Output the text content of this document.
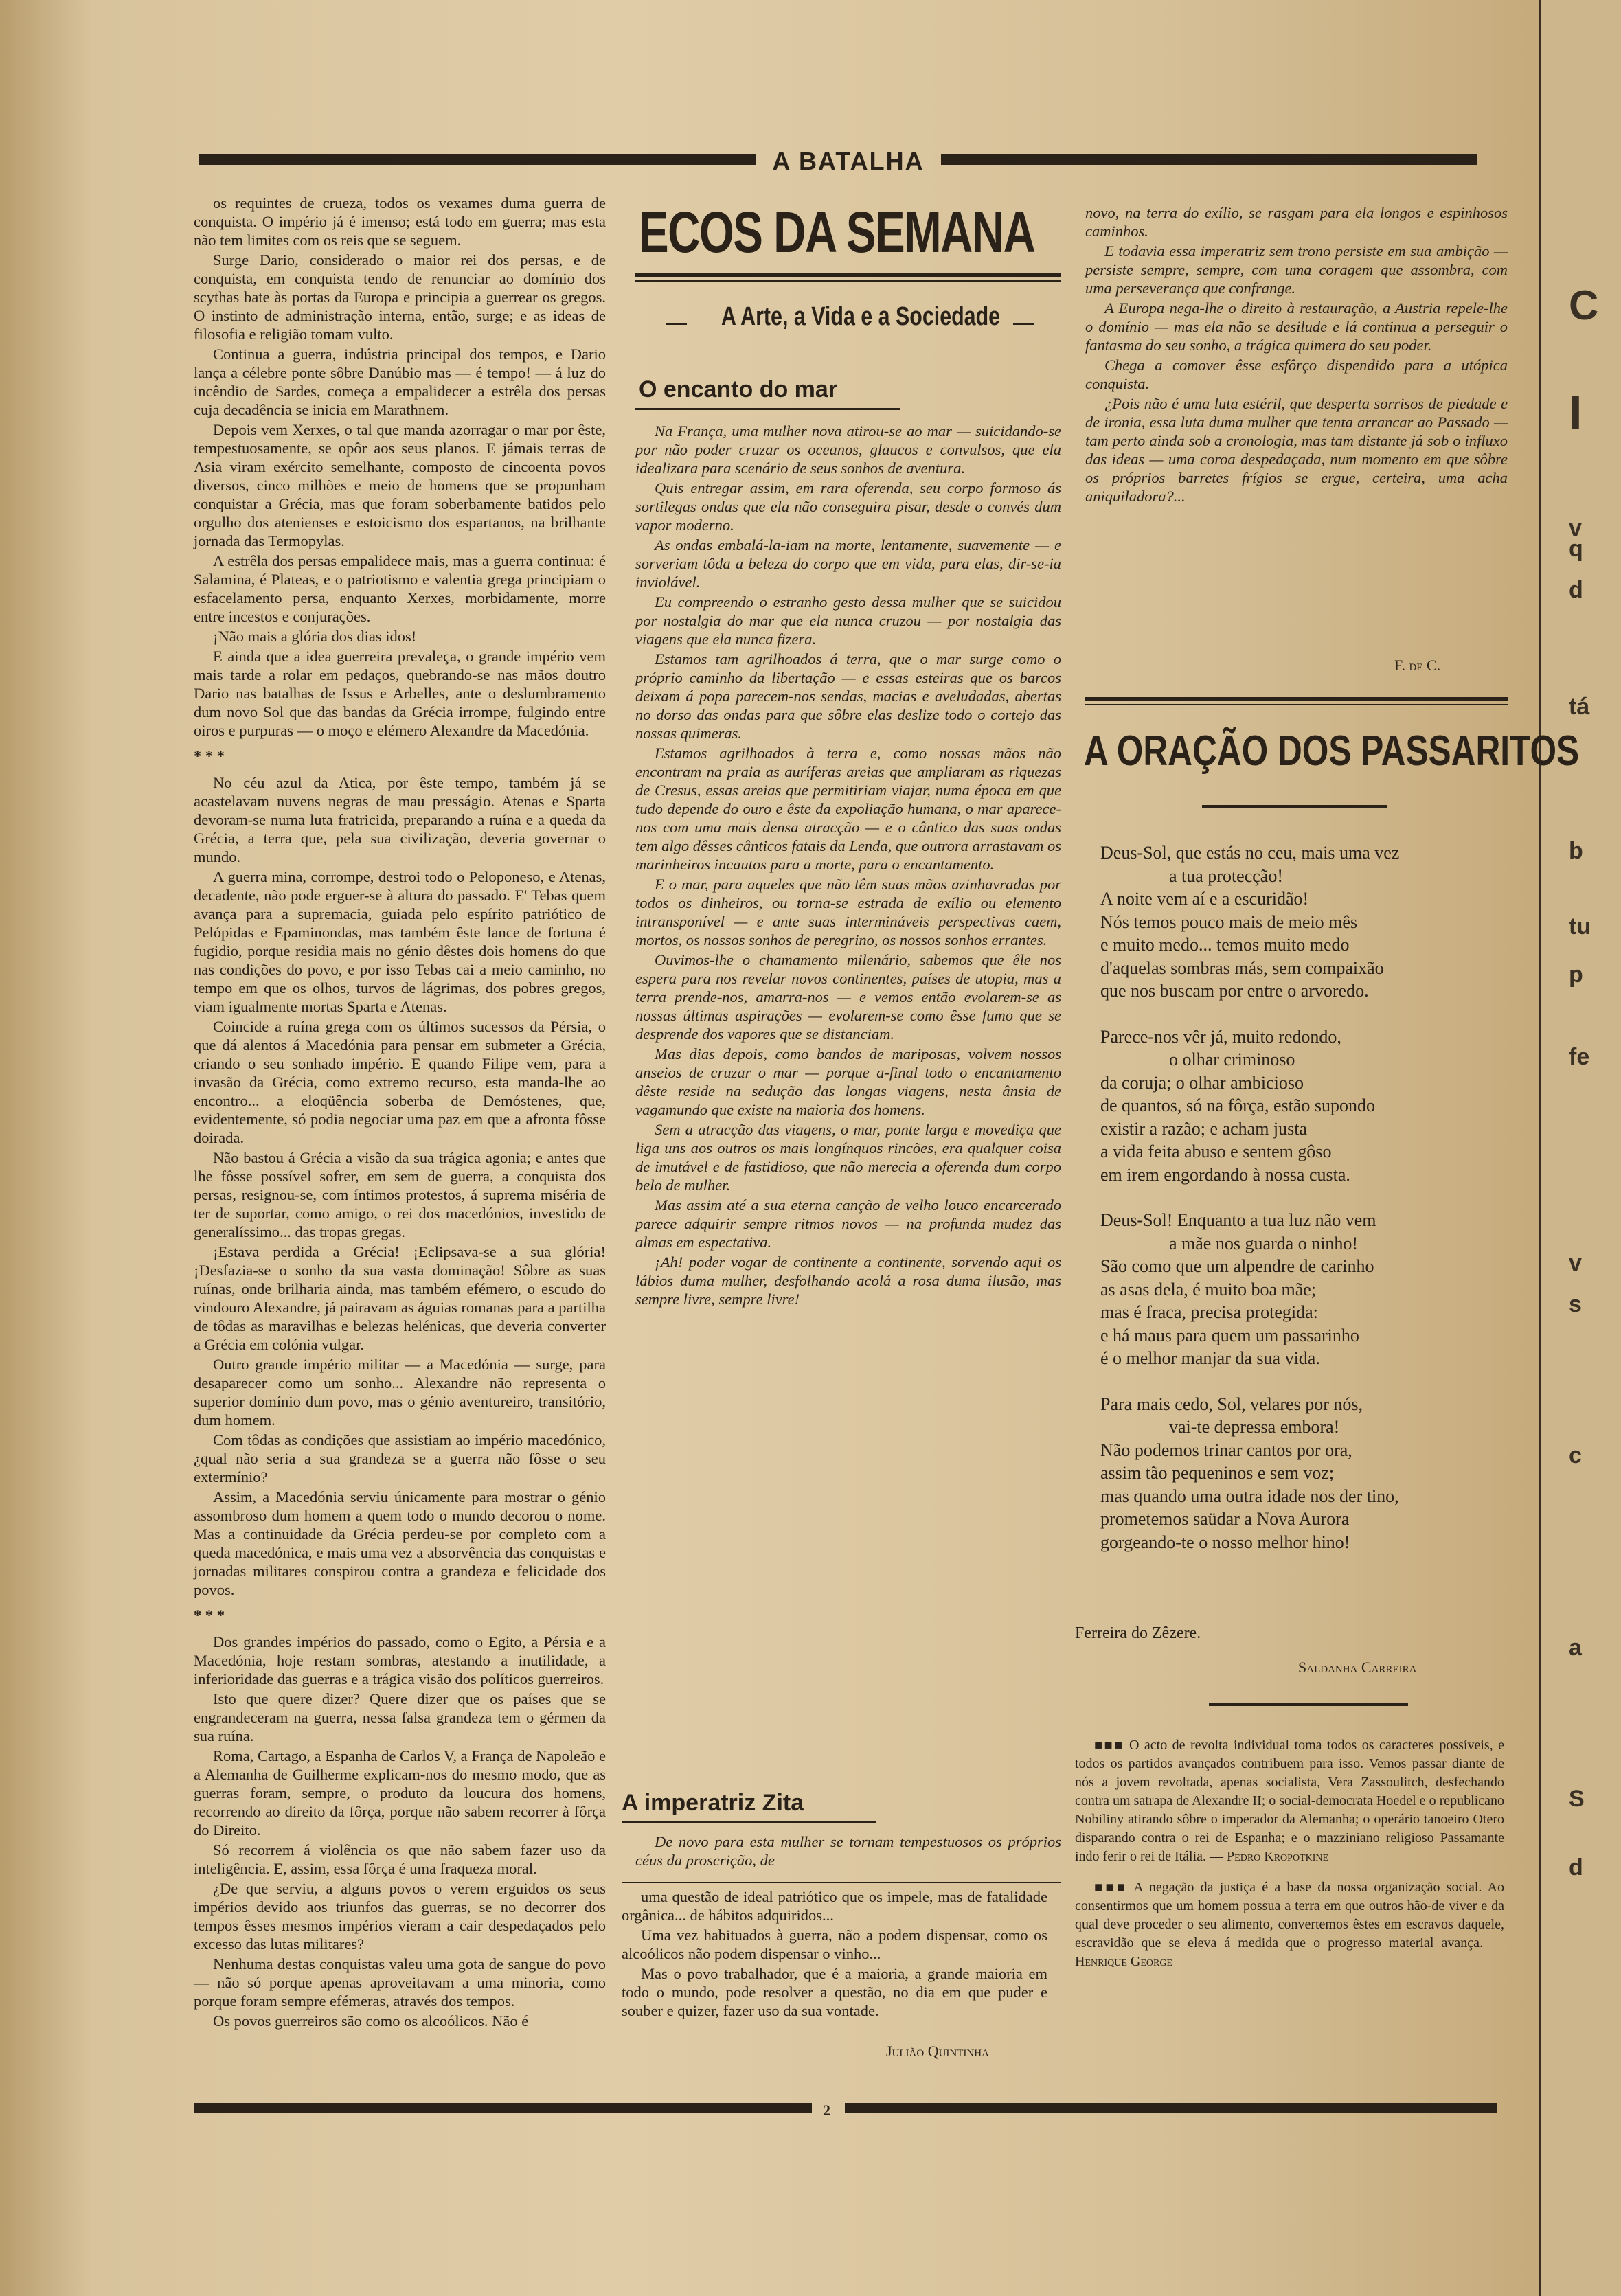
C
I
v
q
d
tá
b
tu
p
fe
v
s
c
a
S
d
A BATALHA

os requintes de crueza, todos os vexames duma guerra de conquista. O império já é imenso; está todo em guerra; mas esta não tem limites com os reis que se seguem.

Surge Dario, considerado o maior rei dos persas, e de conquista, em conquista tendo de renunciar ao domínio dos scythas bate às portas da Europa e principia a guerrear os gregos. O instinto de administração interna, então, surge; e as ideas de filosofia e religião tomam vulto.

Continua a guerra, indústria principal dos tempos, e Dario lança a célebre ponte sôbre Danúbio mas — é tempo! — á luz do incêndio de Sardes, começa a empalidecer a estrêla dos persas cuja decadência se inicia em Marathnem.

Depois vem Xerxes, o tal que manda azorragar o mar por êste, tempestuosamente, se opôr aos seus planos. E jámais terras de Asia viram exército semelhante, composto de cincoenta povos diversos, cinco milhões e meio de homens que se propunham conquistar a Grécia, mas que foram soberbamente batidos pelo orgulho dos atenienses e estoicismo dos espartanos, na brilhante jornada das Termopylas.

A estrêla dos persas empalidece mais, mas a guerra continua: é Salamina, é Plateas, e o patriotismo e valentia grega principiam o esfacelamento persa, enquanto Xerxes, morbidamente, morre entre incestos e conjurações.

¡Não mais a glória dos dias idos!

E ainda que a idea guerreira prevaleça, o grande império vem mais tarde a rolar em pedaços, quebrando-se nas mãos doutro Dario nas batalhas de Issus e Arbelles, ante o deslumbramento dum novo Sol que das bandas da Grécia irrompe, fulgindo entre oiros e purpuras — o moço e elémero Alexandre da Macedónia.

* * *

No céu azul da Atica, por êste tempo, também já se acastelavam nuvens negras de mau presságio. Atenas e Sparta devoram-se numa luta fratricida, preparando a ruína e a queda da Grécia, a terra que, pela sua civilização, deveria governar o mundo.

A guerra mina, corrompe, destroi todo o Peloponeso, e Atenas, decadente, não pode erguer-se à altura do passado. E' Tebas quem avança para a supremacia, guiada pelo espírito patriótico de Pelópidas e Epaminondas, mas também êste lance de fortuna é fugidio, porque residia mais no génio dêstes dois homens do que nas condições do povo, e por isso Tebas cai a meio caminho, no tempo em que os olhos, turvos de lágrimas, dos pobres gregos, viam igualmente mortas Sparta e Atenas.

Coincide a ruína grega com os últimos sucessos da Pérsia, o que dá alentos á Macedónia para pensar em submeter a Grécia, criando o seu sonhado império. E quando Filipe vem, para a invasão da Grécia, como extremo recurso, esta manda-lhe ao encontro... a eloqüência soberba de Demóstenes, que, evidentemente, só podia negociar uma paz em que a afronta fôsse doirada.

Não bastou á Grécia a visão da sua trágica agonia; e antes que lhe fôsse possível sofrer, em sem de guerra, a conquista dos persas, resignou-se, com íntimos protestos, á suprema miséria de ter de suportar, como amigo, o rei dos macedónios, investido de generalíssimo... das tropas gregas.

¡Estava perdida a Grécia! ¡Eclipsava-se a sua glória! ¡Desfazia-se o sonho da sua vasta dominação! Sôbre as suas ruínas, onde brilharia ainda, mas também efémero, o escudo do vindouro Alexandre, já pairavam as águias romanas para a partilha de tôdas as maravilhas e belezas helénicas, que deveria converter a Grécia em colónia vulgar.

Outro grande império militar — a Macedónia — surge, para desaparecer como um sonho... Alexandre não representa o superior domínio dum povo, mas o génio aventureiro, transitório, dum homem.

Com tôdas as condições que assistiam ao império macedónico, ¿qual não seria a sua grandeza se a guerra não fôsse o seu extermínio?

Assim, a Macedónia serviu únicamente para mostrar o génio assombroso dum homem a quem todo o mundo decorou o nome. Mas a continuidade da Grécia perdeu-se por completo com a queda macedónica, e mais uma vez a absorvência das conquistas e jornadas militares conspirou contra a grandeza e felicidade dos povos.

* * *

Dos grandes impérios do passado, como o Egito, a Pérsia e a Macedónia, hoje restam sombras, atestando a inutilidade, a inferioridade das guerras e a trágica visão dos políticos guerreiros.

Isto que quere dizer? Quere dizer que os países que se engrandeceram na guerra, nessa falsa grandeza tem o gérmen da sua ruína.

Roma, Cartago, a Espanha de Carlos V, a França de Napoleão e a Alemanha de Guilherme explicam-nos do mesmo modo, que as guerras foram, sempre, o produto da loucura dos homens, recorrendo ao direito da fôrça, porque não sabem recorrer à fôrça do Direito.

Só recorrem á violência os que não sabem fazer uso da inteligência. E, assim, essa fôrça é uma fraqueza moral.

¿De que serviu, a alguns povos o verem erguidos os seus impérios devido aos triunfos das guerras, se no decorrer dos tempos êsses mesmos impérios vieram a cair despedaçados pelo excesso das lutas militares?

Nenhuma destas conquistas valeu uma gota de sangue do povo — não só porque apenas aproveitavam a uma minoria, como porque foram sempre efémeras, através dos tempos.

Os povos guerreiros são como os alcoólicos. Não é

ECOS DA SEMANA
A Arte, a Vida e a Sociedade
O encanto do mar

Na França, uma mulher nova atirou-se ao mar — suicidando-se por não poder cruzar os oceanos, glaucos e convulsos, que ela idealizara para scenário de seus sonhos de aventura.

Quis entregar assim, em rara oferenda, seu corpo formoso ás sortilegas ondas que ela não conseguira pisar, desde o convés dum vapor moderno.

As ondas embalá-la-iam na morte, lentamente, suavemente — e sorveriam tôda a beleza do corpo que em vida, para elas, dir-se-ia inviolável.

Eu compreendo o estranho gesto dessa mulher que se suicidou por nostalgia do mar que ela nunca cruzou — por nostalgia das viagens que ela nunca fizera.

Estamos tam agrilhoados á terra, que o mar surge como o próprio caminho da libertação — e essas esteiras que os barcos deixam á popa parecem-nos sendas, macias e aveludadas, abertas no dorso das ondas para que sôbre elas deslize todo o cortejo das nossas quimeras.

Estamos agrilhoados à terra e, como nossas mãos não encontram na praia as auríferas areias que ampliaram as riquezas de Cresus, essas areias que permitiriam viajar, numa época em que tudo depende do ouro e êste da expoliação humana, o mar aparece-nos com uma mais densa atracção — e o cântico das suas ondas tem algo dêsses cânticos fatais da Lenda, que outrora arrastavam os marinheiros incautos para a morte, para o encantamento.

E o mar, para aqueles que não têm suas mãos azinhavradas por todos os dinheiros, ou torna-se estrada de exílio ou elemento intransponível — e ante suas intermináveis perspectivas caem, mortos, os nossos sonhos de peregrino, os nossos sonhos errantes.

Ouvimos-lhe o chamamento milenário, sabemos que êle nos espera para nos revelar novos continentes, países de utopia, mas a terra prende-nos, amarra-nos — e vemos então evolarem-se as nossas últimas aspirações — evolarem-se como êsse fumo que se desprende dos vapores que se distanciam.

Mas dias depois, como bandos de mariposas, volvem nossos anseios de cruzar o mar — porque a-final todo o encantamento dêste reside na sedução das longas viagens, nesta ânsia de vagamundo que existe na maioria dos homens.

Sem a atracção das viagens, o mar, ponte larga e movediça que liga uns aos outros os mais longínquos rincões, era qualquer coisa de imutável e de fastidioso, que não merecia a oferenda dum corpo belo de mulher.

Mas assim até a sua eterna canção de velho louco encarcerado parece adquirir sempre ritmos novos — na profunda mudez das almas em espectativa.

¡Ah! poder vogar de continente a continente, sorvendo aqui os lábios duma mulher, desfolhando acolá a rosa duma ilusão, mas sempre livre, sempre livre!

A imperatriz Zita

De novo para esta mulher se tornam tempestuosos os próprios céus da proscrição, de

uma questão de ideal patriótico que os impele, mas de fatalidade orgânica... de hábitos adquiridos...

Uma vez habituados à guerra, não a podem dispensar, como os alcoólicos não podem dispensar o vinho...

Mas o povo trabalhador, que é a maioria, a grande maioria em todo o mundo, pode resolver a questão, no dia em que puder e souber e quizer, fazer uso da sua vontade.

Julião Quintinha

novo, na terra do exílio, se rasgam para ela longos e espinhosos caminhos.

E todavia essa imperatriz sem trono persiste em sua ambição — persiste sempre, sempre, com uma coragem que assombra, com uma perseverança que confrange.

A Europa nega-lhe o direito à restauração, a Austria repele-lhe o domínio — mas ela não se desilude e lá continua a perseguir o fantasma do seu sonho, a trágica quimera do seu poder.

Chega a comover êsse esfôrço dispendido para a utópica conquista.

¿Pois não é uma luta estéril, que desperta sorrisos de piedade e de ironia, essa luta duma mulher que tenta arrancar ao Passado — tam perto ainda sob a cronologia, mas tam distante já sob o influxo das ideas — uma coroa despedaçada, num momento em que sôbre os próprios barretes frígios se ergue, certeira, uma acha aniquiladora?...

F. de C.
A ORAÇÃO DOS PASSARITOS
Deus-Sol, que estás no ceu, mais uma vez
a tua protecção!
A noite vem aí e a escuridão!
Nós temos pouco mais de meio mês
e muito medo... temos muito medo
d'aquelas sombras más, sem compaixão
que nos buscam por entre o arvoredo.
Parece-nos vêr já, muito redondo,
o olhar criminoso
da coruja; o olhar ambicioso
de quantos, só na fôrça, estão supondo
existir a razão; e acham justa
a vida feita abuso e sentem gôso
em irem engordando à nossa custa.
Deus-Sol! Enquanto a tua luz não vem
a mãe nos guarda o ninho!
São como que um alpendre de carinho
as asas dela, é muito boa mãe;
mas é fraca, precisa protegida:
e há maus para quem um passarinho
é o melhor manjar da sua vida.
Para mais cedo, Sol, velares por nós,
vai-te depressa embora!
Não podemos trinar cantos por ora,
assim tão pequeninos e sem voz;
mas quando uma outra idade nos der tino,
prometemos saüdar a Nova Aurora
gorgeando-te o nosso melhor hino!
Ferreira do Zêzere.
Saldanha Carreira

■■■ O acto de revolta individual toma todos os caracteres possíveis, e todos os partidos avançados contribuem para isso. Vemos passar diante de nós a jovem revoltada, apenas socialista, Vera Zassoulitch, desfechando contra um satrapa de Alexandre II; o social-democrata Hoedel e o republicano Nobiliny atirando sôbre o imperador da Alemanha; o operário tanoeiro Otero disparando contra o rei de Espanha; e o mazziniano religioso Passamante indo ferir o rei de Itália. — Pedro Kropotkine

■■■ A negação da justiça é a base da nossa organização social. Ao consentirmos que um homem possua a terra em que outros hão-de viver e da qual deve proceder o seu alimento, convertemos êstes em escravos daquele, escravidão que se eleva á medida que o progresso material avança. — Henrique George

2
